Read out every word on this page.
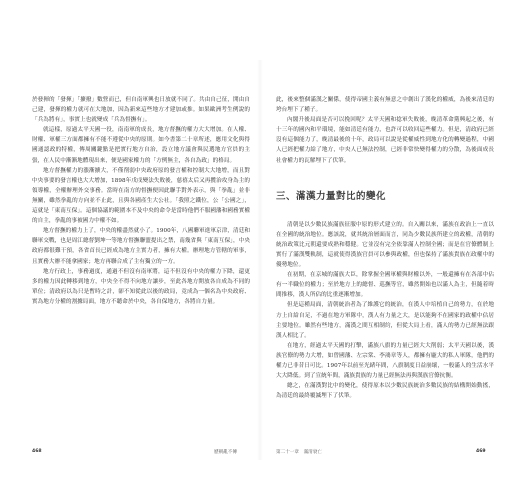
於發揮的「發揮」「擴撥」數營而已，但自南軍興也日放就不同了。共由自己征，開由自己建，發揮的權力就可在大地加，因為新來這些地方才建加或推。如果歐洲考生例說的「兵為將有」，事實上也就變成「兵為督撫有」。

就這樣，原過太平天國一役，南南軍的成長，地方督撫的權力大大增加。在人權、財權、軍權三方面都擁有不能不遵從中央的原則。如今書第二十章所述，應用文化與得國通認政的特權，傳周關鍵點是把實行地方自治，設立地方議會與民選地方官員的主張，在人民中漸漸地體現出來，便是國家權力的「方例無主，各自為政」的格局。

地方督撫權力的漲漸擴大，不僅削弱中央政府原的發言權和控制大大地增，而且對中央事要的發言權也大大增加，1898年戊戌變法失敗後，慈禧太后又再攬治攻身為主的領導權，全權辦理外交事務。當時在南方的督撫便因此聯手對外表示，與「拳亂」並非無關，雖然拳亂的方向並不止此，且與各國產生大公社。「我照之鐵位，公「公國之」，這就是「東南互保」。這個協議的範圍本不及中央的命令是當時他們不服國藩和國務實權的自主，拳亂的事被國力中權不如。

地方督撫的權力上了，中央的權盡然就小了。1900年，八國聯軍進軍京津，清廷和聯軍交戰，也是周江總督劉坤一等地方督撫聯盟提出之禁，南幾省與「東南互保」，中央政府都很難干預，各省首長已經成為地方主實力者，擁有大權。辦理地方管轄的軍事，且實務大辦不能拿國家；地方再聯合成了主有獨立的一方。

地方行政上，事務過度，通過不但沒有南軍將，這不但沒有中央的權力下降，還更多的權力因此轉移到地方，中央全不得不向地方讓步，至此各地方開放各自成為不同的單位；清政府以為只是暫時之計，卻不知從此以後的政局，竟成為一個名為中央政府、實為地方分權的割據局面，地方不聽命於中央，各自保地方，各將自力量。

此，後來整個滿漢之關係，使得帝國主義有無意之中創出了漢化的權威，為後來清廷的垮台埋下了種子。

內閣升後局面是否可以挽回呢？太平天國和捻軍失敗後，晚清革命黨興起之後，有十三年的國內和平環境，能如清廷有能力，也許可以收回這些權力。但是，清政府已經沒有這個能力了，晚清最後的十年，政局可以說是從權威性到地方化的轉變過程，中國人已經把權力給了地方，中央人已無法控制，已經非常快變得權力的分散，為後面成長社會權力的瓦解埋下了伏筆。

三、滿漢力量對比的變化

清朝是以少數民族滿族征服中原的形式建立的。自入關以來，滿族在政治上一直以在全國的統治地位。應該說，就其統治層面而言，同為少數民族所建立的政權，清朝的統治政策比元朝還要成熟和穩健。它並沒有完全依靠滿人控制全國；而是在官僚體制上實行了滿漢雙軌制，這就使得漢族官員可以參與政權，但也保持了滿族貴族在政權中的優勢地位。

在初期，在京城的滿族大臣，除掌握全國軍權與財權以外，一般還擁有在各部中佔有一半職位的權力；至於地方上的總督、巡撫等官，雖然開始也以滿人為主，但隨着時間推移，漢人所佔的比重逐漸增加。

但是這種局面，清朝統治者為了維護它的統治，在漢人中培植自己的勢力，在於地方上自給自足，不過在地方軍隊中，漢人有力量之大，是以能夠不在國家的政權中佔居主要地位。雖然有些地方，滿漢之間互相制約，但從大局上看，滿人的勢力已經無法跟漢人相比了。

在地方，經過太平天國的打擊，滿族八旗的力量已經大大削弱；太平天國以後，漢族官僚的勢力大增，如曾國藩、左宗棠、李鴻章等人，都擁有龐大的私人軍隊，他們的權力已非昔日可比。1907年以前至光緒年間，八旗制度日益崩壞，一般滿人的生活水平大大降低。到了宣統年間，滿族貴族的力量已經無法再與漢族官僚抗衡。

總之，在滿漢對比中的變化，使得原本以少數民族統治多數民族的結構開始動搖，為清廷的最終覆滅埋下了伏筆。

468	歷朝亂不傳	第二十一章　滿清衰亡	469
